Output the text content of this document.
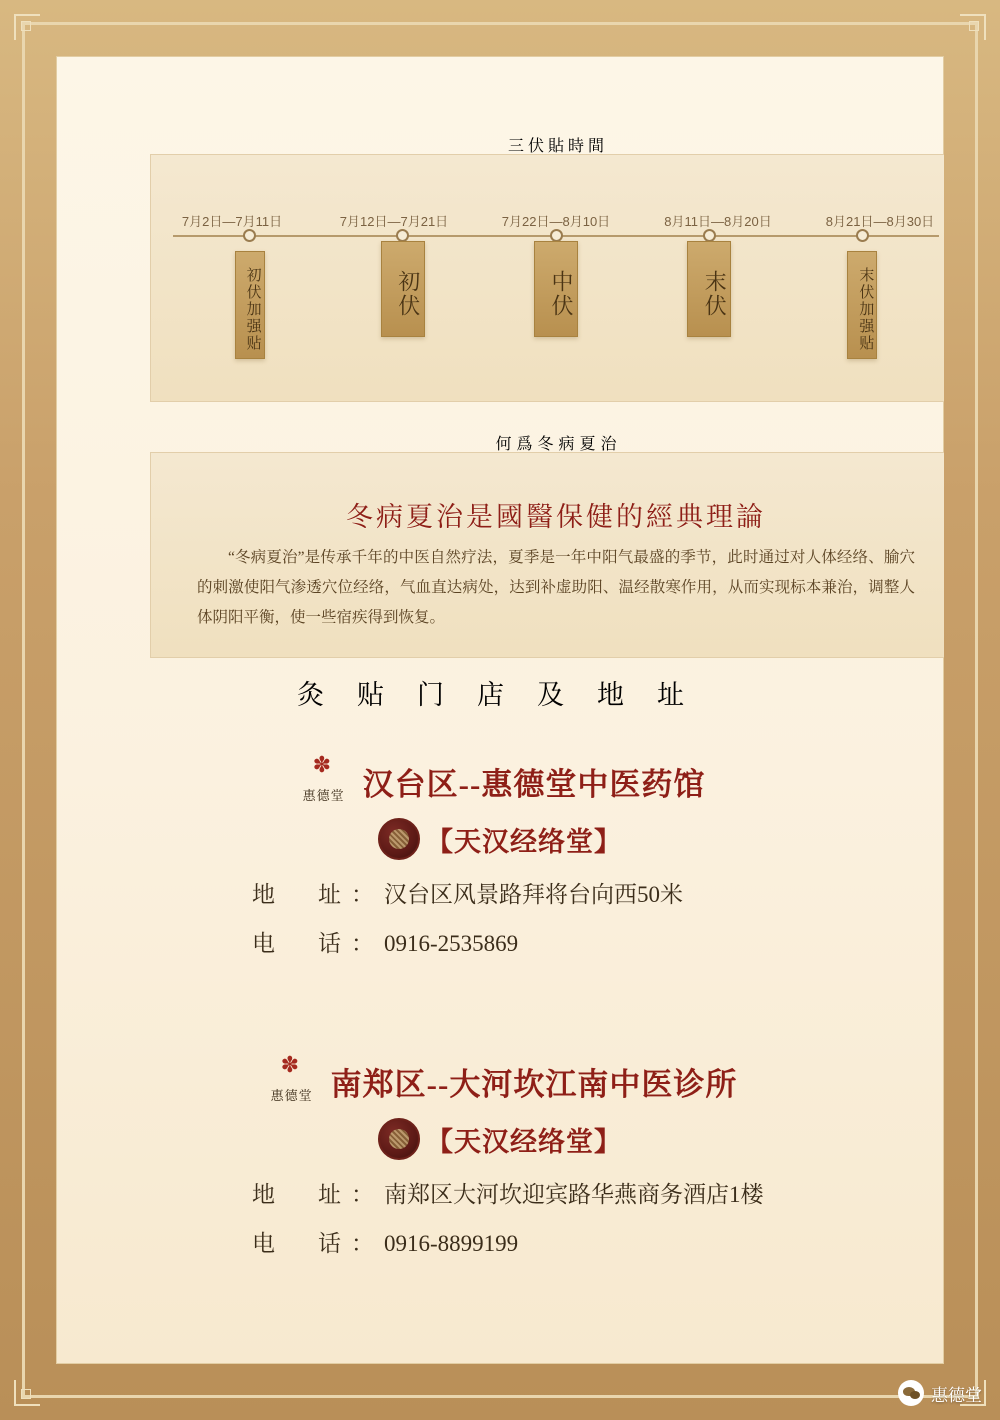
三 伏 貼 時 間
7月2日—7月11日	7月12日—7月21日	7月22日—8月10日	8月11日—8月20日	8月21日—8月30日
初伏加强贴	初伏	中伏	末伏	末伏加强贴
何 爲 冬 病 夏 治
冬病夏治是國醫保健的經典理論
“冬病夏治”是传承千年的中医自然疗法，夏季是一年中阳气最盛的季节，此时通过对人体经络、腧穴的刺激使阳气渗透穴位经络，气血直达病处，达到补虚助阳、温经散寒作用，从而实现标本兼治，调整人体阴阳平衡，使一些宿疾得到恢复。
灸	贴	门	店	及	地	址
✽
惠德堂 汉台区--惠德堂中医药馆
【天汉经络堂】
地　址：汉台区风景路拜将台向西50米
电　话：0916-2535869
✽
惠德堂 南郑区--大河坎江南中医诊所
【天汉经络堂】
地　址：南郑区大河坎迎宾路华燕商务酒店1楼
电　话：0916-8899199
惠德堂
